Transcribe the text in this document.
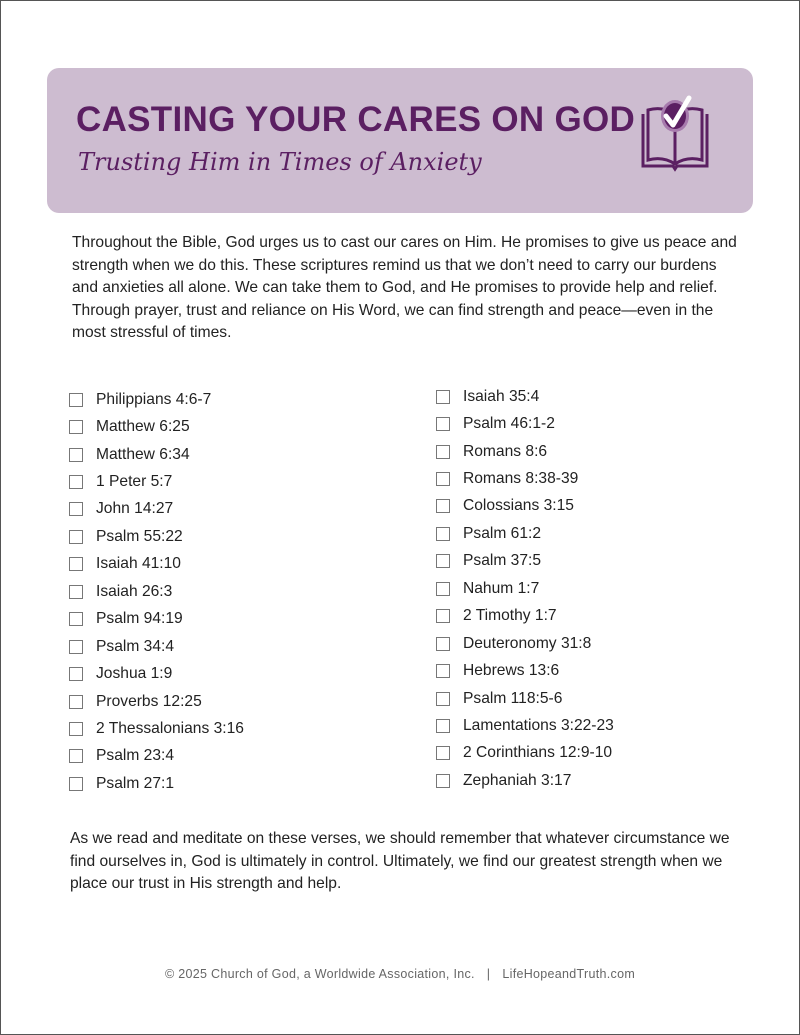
CASTING YOUR CARES ON GOD
Trusting Him in Times of Anxiety

Throughout the Bible, God urges us to cast our cares on Him. He promises to give us peace and strength when we do this. These scriptures remind us that we don’t need to carry our burdens and anxieties all alone. We can take them to God, and He promises to provide help and relief. Through prayer, trust and reliance on His Word, we can find strength and peace—even in the most stressful of times.

Philippians 4:6-7
Matthew 6:25
Matthew 6:34
1 Peter 5:7
John 14:27
Psalm 55:22
Isaiah 41:10
Isaiah 26:3
Psalm 94:19
Psalm 34:4
Joshua 1:9
Proverbs 12:25
2 Thessalonians 3:16
Psalm 23:4
Psalm 27:1
Isaiah 35:4
Psalm 46:1-2
Romans 8:6
Romans 8:38-39
Colossians 3:15
Psalm 61:2
Psalm 37:5
Nahum 1:7
2 Timothy 1:7
Deuteronomy 31:8
Hebrews 13:6
Psalm 118:5-6
Lamentations 3:22-23
2 Corinthians 12:9-10
Zephaniah 3:17

As we read and meditate on these verses, we should remember that whatever circumstance we find ourselves in, God is ultimately in control. Ultimately, we find our greatest strength when we place our trust in His strength and help.

© 2025 Church of God, a Worldwide Association, Inc. | LifeHopeandTruth.com
